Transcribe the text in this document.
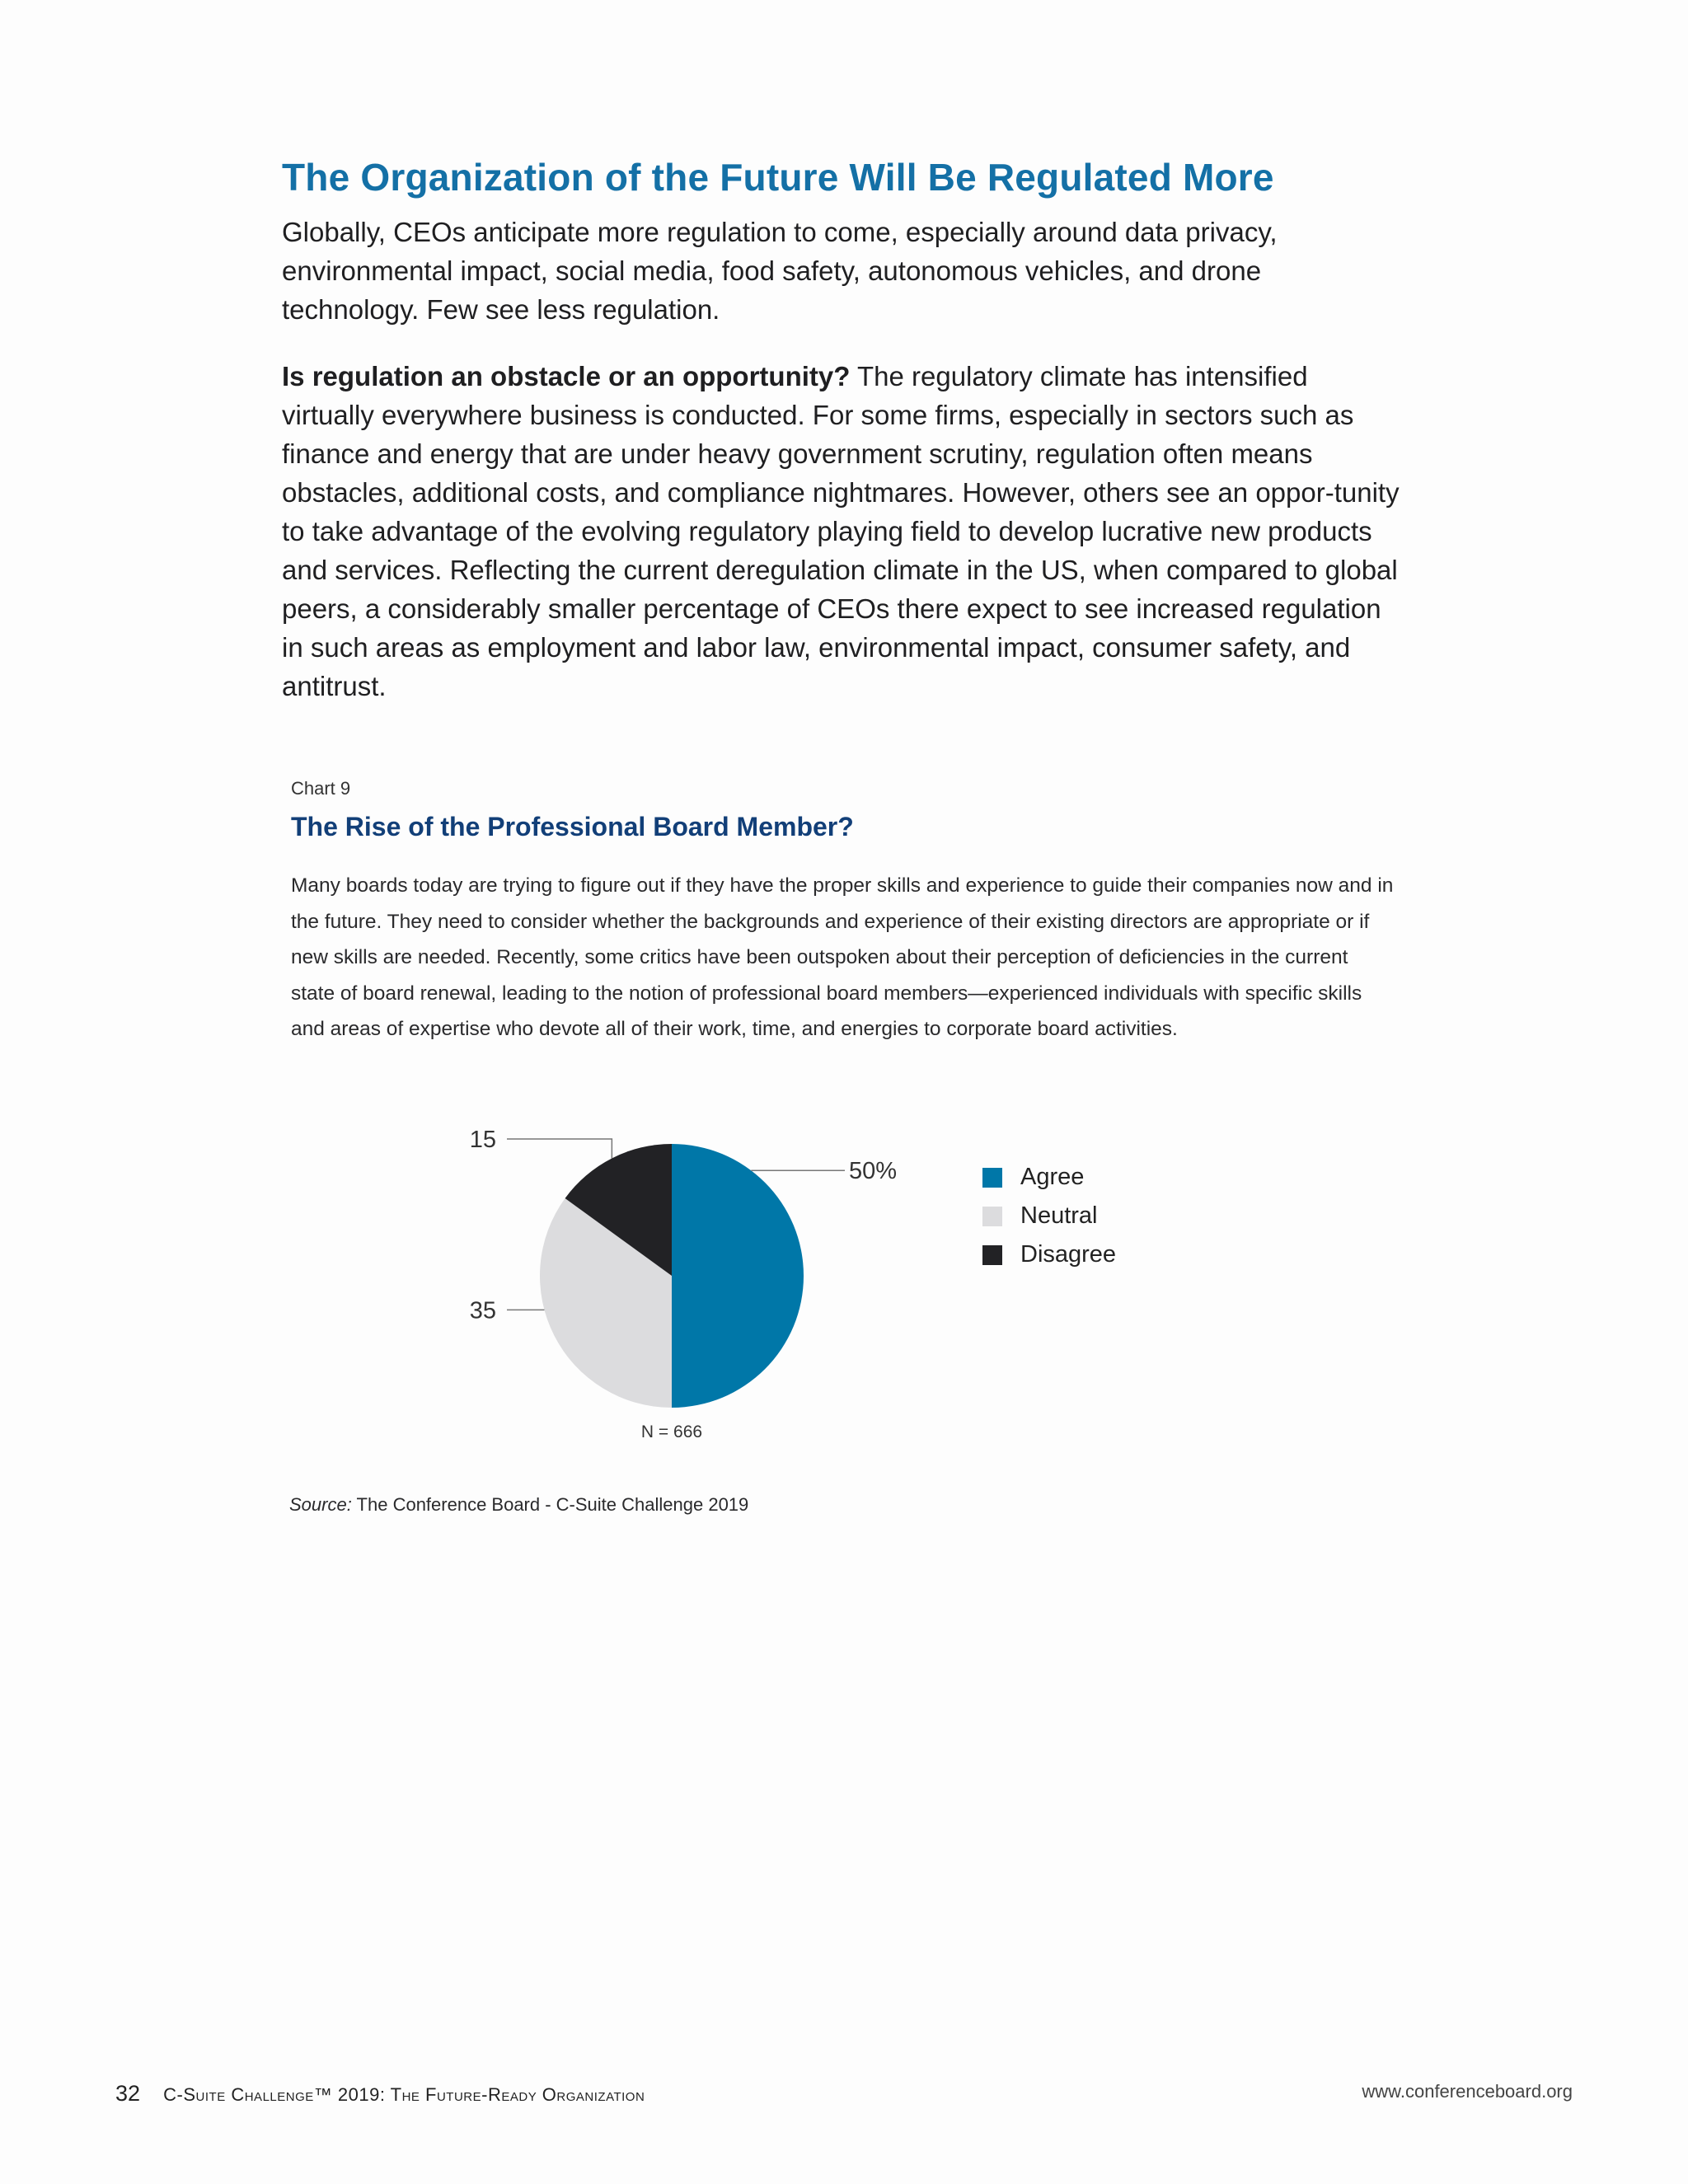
The Organization of the Future Will Be Regulated More

Globally, CEOs anticipate more regulation to come, especially around data privacy, environmental impact, social media, food safety, autonomous vehicles, and drone technology. Few see less regulation.

Is regulation an obstacle or an opportunity? The regulatory climate has intensified virtually everywhere business is conducted. For some firms, especially in sectors such as finance and energy that are under heavy government scrutiny, regulation often means obstacles, additional costs, and compliance nightmares. However, others see an oppor-tunity to take advantage of the evolving regulatory playing field to develop lucrative new products and services. Reflecting the current deregulation climate in the US, when compared to global peers, a considerably smaller percentage of CEOs there expect to see increased regulation in such areas as employment and labor law, environmental impact, consumer safety, and antitrust.

Chart 9
The Rise of the Professional Board Member?

Many boards today are trying to figure out if they have the proper skills and experience to guide their companies now and in the future. They need to consider whether the backgrounds and experience of their existing directors are appropriate or if new skills are needed. Recently, some critics have been outspoken about their perception of deficiencies in the current state of board renewal, leading to the notion of professional board members—experienced individuals with specific skills and areas of expertise who devote all of their work, time, and energies to corporate board activities.

50%
35
15
N = 666
Agree
Neutral
Disagree
Source: The Conference Board - C-Suite Challenge 2019
32 C-Suite Challenge™ 2019: The Future-Ready Organization	www.conferenceboard.org
